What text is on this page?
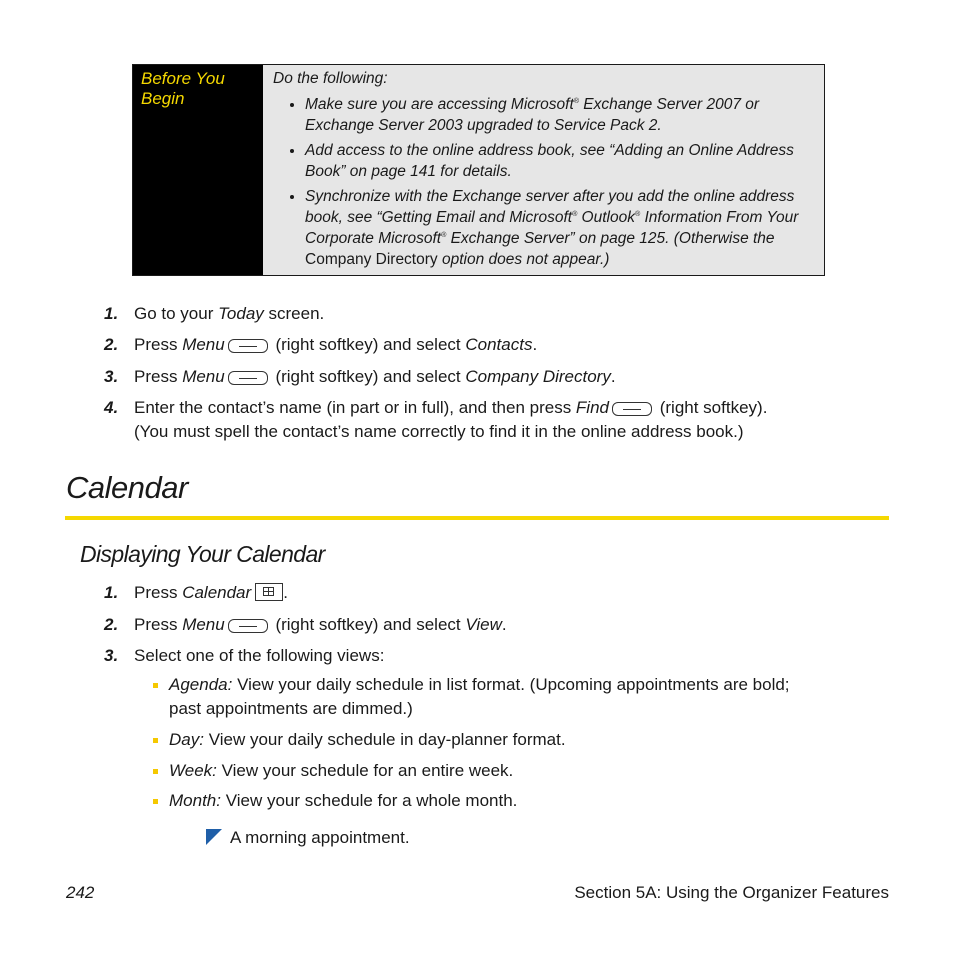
Before You Begin
Do the following:
• Make sure you are accessing Microsoft® Exchange Server 2007 or Exchange Server 2003 upgraded to Service Pack 2.
• Add access to the online address book, see “Adding an Online Address Book” on page 141 for details.
• Synchronize with the Exchange server after you add the online address book, see “Getting Email and Microsoft® Outlook® Information From Your Corporate Microsoft® Exchange Server” on page 125. (Otherwise the Company Directory option does not appear.)
1. Go to your Today screen.
2. Press Menu	(right softkey) and select Contacts.
3. Press Menu	(right softkey) and select Company Directory.
4. Enter the contact’s name (in part or in full), and then press Find	(right softkey).
(You must spell the contact’s name correctly to find it in the online address book.)
Calendar
Displaying Your Calendar
1. Press Calendar .
2. Press Menu	(right softkey) and select View.
3. Select one of the following views:
Agenda: View your daily schedule in list format. (Upcoming appointments are bold;
past appointments are dimmed.)
Day: View your daily schedule in day-planner format.
Week: View your schedule for an entire week.
Month: View your schedule for a whole month.
A morning appointment.
242	Section 5A: Using the Organizer Features
